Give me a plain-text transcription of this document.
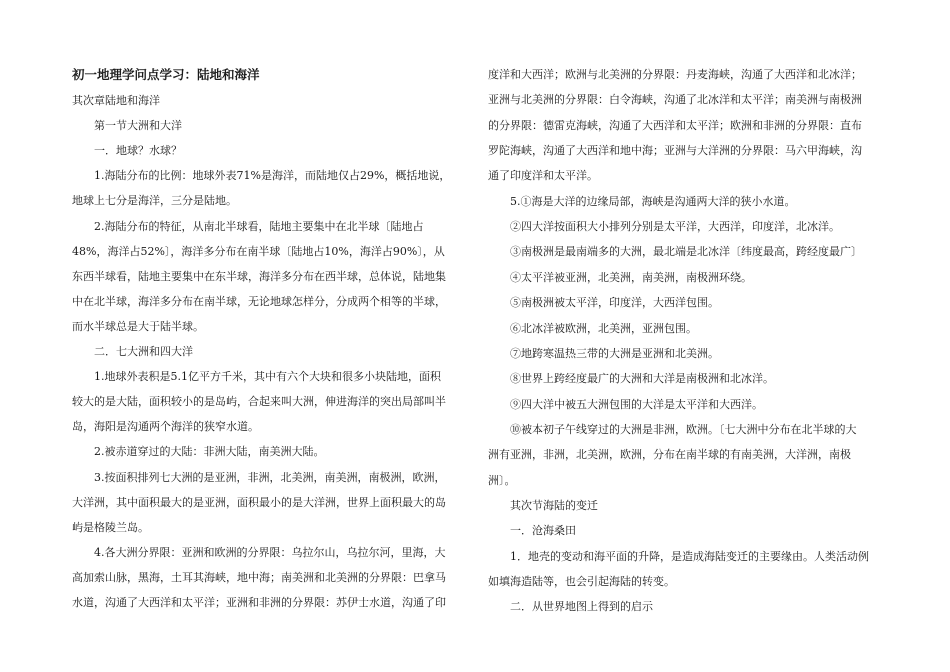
初一地理学问点学习：陆地和海洋
其次章陆地和海洋
第一节大洲和大洋
一．地球？水球？
1.海陆分布的比例：地球外表71%是海洋，而陆地仅占29%，概括地说，
地球上七分是海洋，三分是陆地。
2.海陆分布的特征，从南北半球看，陆地主要集中在北半球〔陆地占
48%，海洋占52%〕，海洋多分布在南半球〔陆地占10%，海洋占90%〕，从
东西半球看，陆地主要集中在东半球，海洋多分布在西半球，总体说，陆地集
中在北半球，海洋多分布在南半球，无论地球怎样分，分成两个相等的半球，
而水半球总是大于陆半球。
二．七大洲和四大洋
1.地球外表积是5.1亿平方千米，其中有六个大块和很多小块陆地，面积
较大的是大陆，面积较小的是岛屿，合起来叫大洲，伸进海洋的突出局部叫半
岛，海阳是沟通两个海洋的狭窄水道。
2.被赤道穿过的大陆：非洲大陆，南美洲大陆。
3.按面积排列七大洲的是亚洲，非洲，北美洲，南美洲，南极洲，欧洲，
大洋洲，其中面积最大的是亚洲，面积最小的是大洋洲，世界上面积最大的岛
屿是格陵兰岛。
4.各大洲分界限：亚洲和欧洲的分界限：乌拉尔山，乌拉尔河，里海，大
高加索山脉，黑海，土耳其海峡，地中海；南美洲和北美洲的分界限：巴拿马
水道，沟通了大西洋和太平洋；亚洲和非洲的分界限：苏伊士水道，沟通了印
度洋和大西洋；欧洲与北美洲的分界限：丹麦海峡，沟通了大西洋和北冰洋；
亚洲与北美洲的分界限：白令海峡，沟通了北冰洋和太平洋；南美洲与南极洲
的分界限：德雷克海峡，沟通了大西洋和太平洋；欧洲和非洲的分界限：直布
罗陀海峡，沟通了大西洋和地中海；亚洲与大洋洲的分界限：马六甲海峡，沟
通了印度洋和太平洋。
5.①海是大洋的边缘局部，海峡是沟通两大洋的狭小水道。
②四大洋按面积大小排列分别是太平洋，大西洋，印度洋，北冰洋。
③南极洲是最南端多的大洲，最北端是北冰洋〔纬度最高，跨经度最广〕
④太平洋被亚洲，北美洲，南美洲，南极洲环绕。
⑤南极洲被太平洋，印度洋，大西洋包围。
⑥北冰洋被欧洲，北美洲，亚洲包围。
⑦地跨寒温热三带的大洲是亚洲和北美洲。
⑧世界上跨经度最广的大洲和大洋是南极洲和北冰洋。
⑨四大洋中被五大洲包围的大洋是太平洋和大西洋。
⑩被本初子午线穿过的大洲是非洲，欧洲。〔七大洲中分布在北半球的大
洲有亚洲，非洲，北美洲，欧洲，分布在南半球的有南美洲，大洋洲，南极
洲〕。
其次节海陆的变迁
一．沧海桑田
1．地壳的变动和海平面的升降，是造成海陆变迁的主要缘由。人类活动例
如填海造陆等，也会引起海陆的转变。
二．从世界地图上得到的启示
